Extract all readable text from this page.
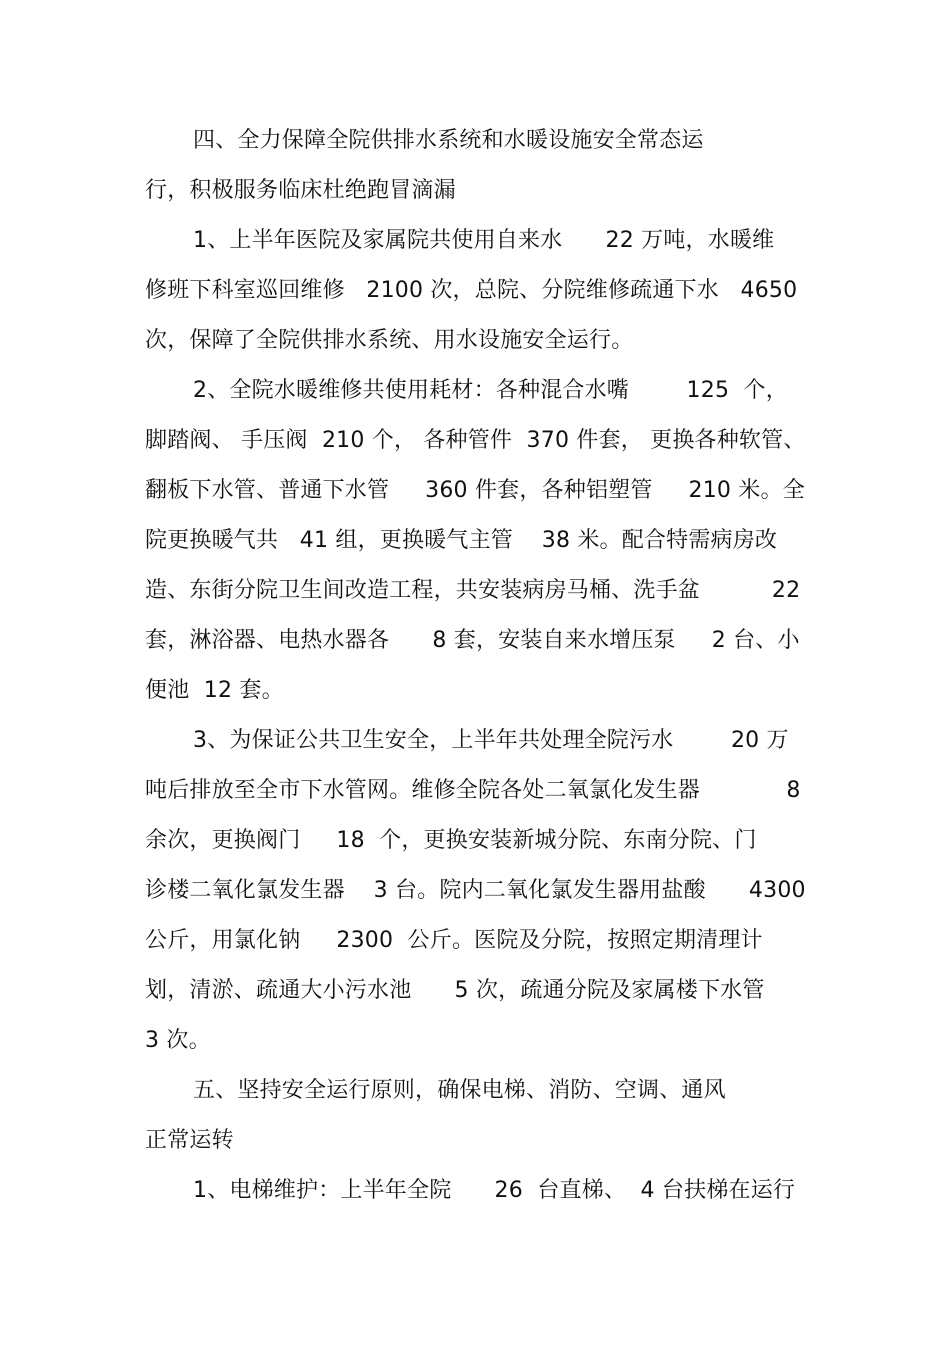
四、全力保障全院供排水系统和水暖设施安全常态运
行，积极服务临床杜绝跑冒滴漏
1、上半年医院及家属院共使用自来水      22 万吨，水暖维
修班下科室巡回维修   2100 次，总院、分院维修疏通下水   4650
次，保障了全院供排水系统、用水设施安全运行。
2、全院水暖维修共使用耗材：各种混合水嘴        125  个，
脚踏阀、 手压阀  210 个， 各种管件  370 件套， 更换各种软管、
翻板下水管、普通下水管     360 件套，各种铝塑管     210 米。全
院更换暖气共   41 组，更换暖气主管    38 米。配合特需病房改
造、东街分院卫生间改造工程，共安装病房马桶、洗手盆          22
套，淋浴器、电热水器各      8 套，安装自来水增压泵     2 台、小
便池  12 套。
3、为保证公共卫生安全，上半年共处理全院污水        20 万
吨后排放至全市下水管网。维修全院各处二氧氯化发生器            8
余次，更换阀门     18  个，更换安装新城分院、东南分院、门
诊楼二氧化氯发生器    3 台。院内二氧化氯发生器用盐酸      4300
公斤，用氯化钠     2300  公斤。医院及分院，按照定期清理计
划，清淤、疏通大小污水池      5 次，疏通分院及家属楼下水管
3 次。
五、坚持安全运行原则，确保电梯、消防、空调、通风
正常运转
1、电梯维护：上半年全院      26  台直梯、  4 台扶梯在运行
